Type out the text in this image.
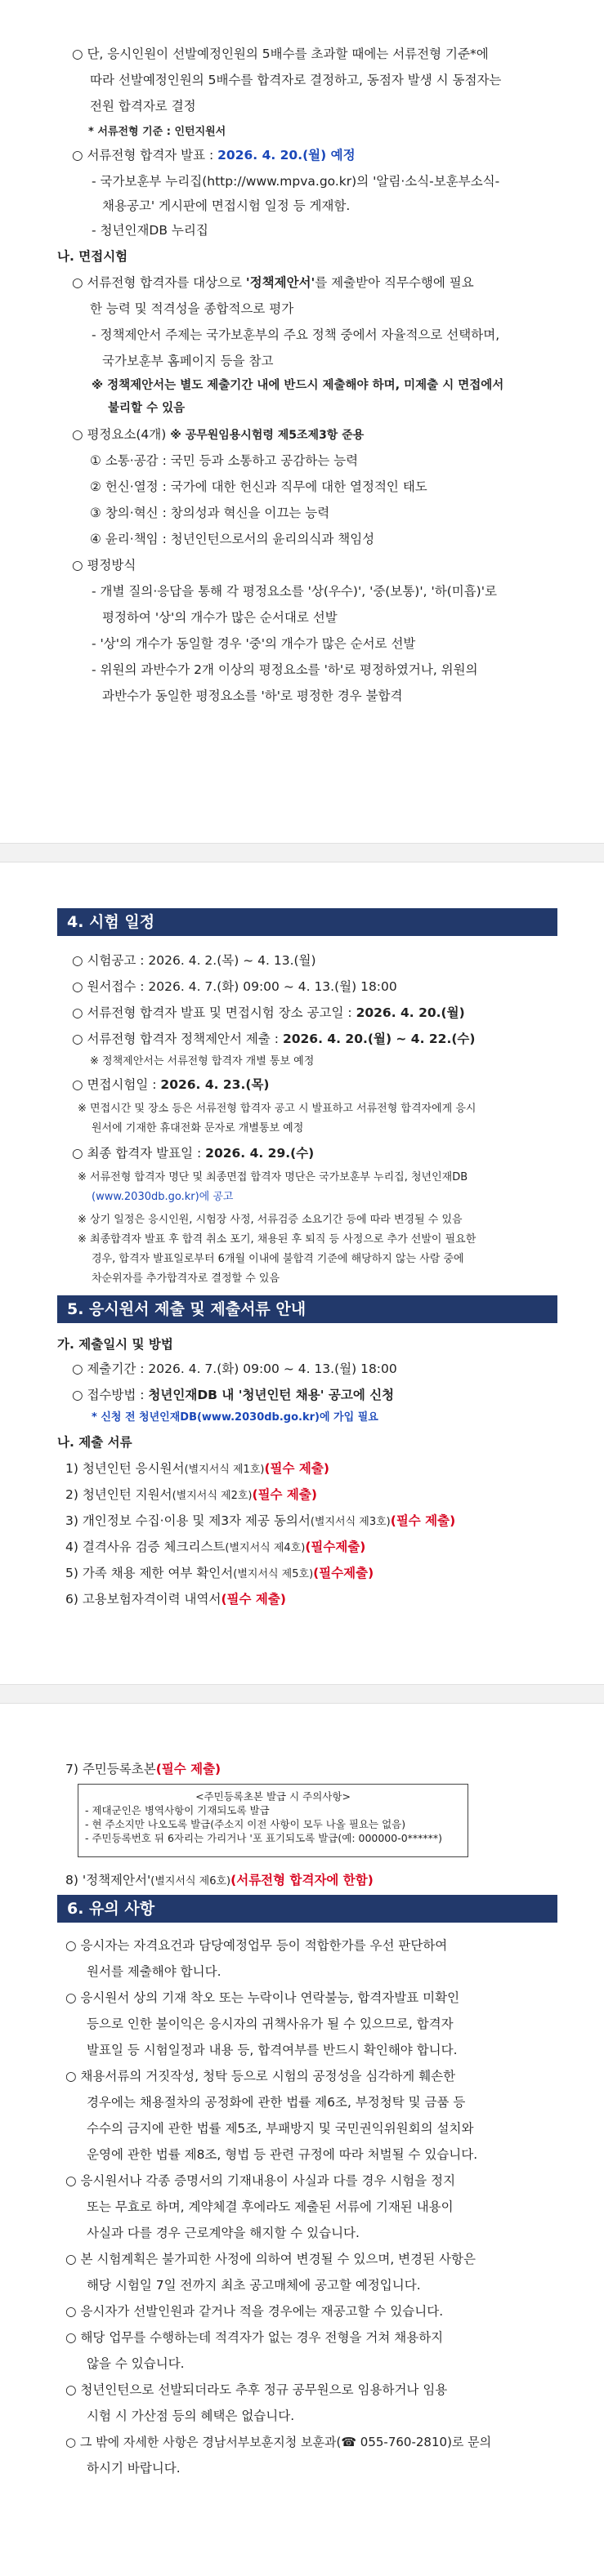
○ 단, 응시인원이 선발예정인원의 5배수를 초과할 때에는 서류전형 기준*에
따라 선발예정인원의 5배수를 합격자로 결정하고, 동점자 발생 시 동점자는
전원 합격자로 결정
* 서류전형 기준 : 인턴지원서
○ 서류전형 합격자 발표 : 2026. 4. 20.(월) 예정
- 국가보훈부 누리집(http://www.mpva.go.kr)의 '알림·소식-보훈부소식-
채용공고' 게시판에 면접시험 일정 등 게재함.
- 청년인재DB 누리집
나. 면접시험
○ 서류전형 합격자를 대상으로 '정책제안서'를 제출받아 직무수행에 필요
한 능력 및 적격성을 종합적으로 평가
- 정책제안서 주제는 국가보훈부의 주요 정책 중에서 자율적으로 선택하며,
국가보훈부 홈페이지 등을 참고
※ 정책제안서는 별도 제출기간 내에 반드시 제출해야 하며, 미제출 시 면접에서
불리할 수 있음
○ 평정요소(4개) ※ 공무원임용시험령 제5조제3항 준용
① 소통·공감 : 국민 등과 소통하고 공감하는 능력
② 헌신·열정 : 국가에 대한 헌신과 직무에 대한 열정적인 태도
③ 창의·혁신 : 창의성과 혁신을 이끄는 능력
④ 윤리·책임 : 청년인턴으로서의 윤리의식과 책임성
○ 평정방식
- 개별 질의·응답을 통해 각 평정요소를 '상(우수)', '중(보통)', '하(미흡)'로
평정하여 '상'의 개수가 많은 순서대로 선발
- '상'의 개수가 동일할 경우 '중'의 개수가 많은 순서로 선발
- 위원의 과반수가 2개 이상의 평정요소를 '하'로 평정하였거나, 위원의
과반수가 동일한 평정요소를 '하'로 평정한 경우 불합격
4. 시험 일정
○ 시험공고 : 2026. 4. 2.(목) ~ 4. 13.(월)
○ 원서접수 : 2026. 4. 7.(화) 09:00 ~ 4. 13.(월) 18:00
○ 서류전형 합격자 발표 및 면접시험 장소 공고일 : 2026. 4. 20.(월)
○ 서류전형 합격자 정책제안서 제출 : 2026. 4. 20.(월) ~ 4. 22.(수)
※ 정책제안서는 서류전형 합격자 개별 통보 예정
○ 면접시험일 : 2026. 4. 23.(목)
※ 면접시간 및 장소 등은 서류전형 합격자 공고 시 발표하고 서류전형 합격자에게 응시
원서에 기재한 휴대전화 문자로 개별통보 예정
○ 최종 합격자 발표일 : 2026. 4. 29.(수)
※ 서류전형 합격자 명단 및 최종면접 합격자 명단은 국가보훈부 누리집, 청년인재DB
(www.2030db.go.kr)에 공고
※ 상기 일정은 응시인원, 시험장 사정, 서류검증 소요기간 등에 따라 변경될 수 있음
※ 최종합격자 발표 후 합격 취소 포기, 채용된 후 퇴직 등 사정으로 추가 선발이 필요한
경우, 합격자 발표일로부터 6개월 이내에 불합격 기준에 해당하지 않는 사람 중에
차순위자를 추가합격자로 결정할 수 있음
5. 응시원서 제출 및 제출서류 안내
가. 제출일시 및 방법
○ 제출기간 : 2026. 4. 7.(화) 09:00 ~ 4. 13.(월) 18:00
○ 접수방법 : 청년인재DB 내 '청년인턴 채용' 공고에 신청
* 신청 전 청년인재DB(www.2030db.go.kr)에 가입 필요
나. 제출 서류
1) 청년인턴 응시원서(별지서식 제1호)(필수 제출)
2) 청년인턴 지원서(별지서식 제2호)(필수 제출)
3) 개인정보 수집·이용 및 제3자 제공 동의서(별지서식 제3호)(필수 제출)
4) 결격사유 검증 체크리스트(별지서식 제4호)(필수제출)
5) 가족 채용 제한 여부 확인서(별지서식 제5호)(필수제출)
6) 고용보험자격이력 내역서(필수 제출)
7) 주민등록초본(필수 제출)
<주민등록초본 발급 시 주의사항>
- 제대군인은 병역사항이 기재되도록 발급
- 현 주소지만 나오도록 발급(주소지 이전 사항이 모두 나올 필요는 없음)
- 주민등록번호 뒤 6자리는 가리거나 '포 표기되도록 발급(예: 000000-0******)
8) '정책제안서'(별지서식 제6호)(서류전형 합격자에 한함)
6. 유의 사항
○ 응시자는 자격요건과 담당예정업무 등이 적합한가를 우선 판단하여
원서를 제출해야 합니다.
○ 응시원서 상의 기재 착오 또는 누락이나 연락불능, 합격자발표 미확인
등으로 인한 불이익은 응시자의 귀책사유가 될 수 있으므로, 합격자
발표일 등 시험일정과 내용 등, 합격여부를 반드시 확인해야 합니다.
○ 채용서류의 거짓작성, 청탁 등으로 시험의 공정성을 심각하게 훼손한
경우에는 채용절차의 공정화에 관한 법률 제6조, 부정청탁 및 금품 등
수수의 금지에 관한 법률 제5조, 부패방지 및 국민권익위원회의 설치와
운영에 관한 법률 제8조, 형법 등 관련 규정에 따라 처벌될 수 있습니다.
○ 응시원서나 각종 증명서의 기재내용이 사실과 다를 경우 시험을 정지
또는 무효로 하며, 계약체결 후에라도 제출된 서류에 기재된 내용이
사실과 다를 경우 근로계약을 해지할 수 있습니다.
○ 본 시험계획은 불가피한 사정에 의하여 변경될 수 있으며, 변경된 사항은
해당 시험일 7일 전까지 최초 공고매체에 공고할 예정입니다.
○ 응시자가 선발인원과 같거나 적을 경우에는 재공고할 수 있습니다.
○ 해당 업무를 수행하는데 적격자가 없는 경우 전형을 거쳐 채용하지
않을 수 있습니다.
○ 청년인턴으로 선발되더라도 추후 정규 공무원으로 임용하거나 임용
시험 시 가산점 등의 혜택은 없습니다.
○ 그 밖에 자세한 사항은 경남서부보훈지청 보훈과(☎ 055-760-2810)로 문의
하시기 바랍니다.
